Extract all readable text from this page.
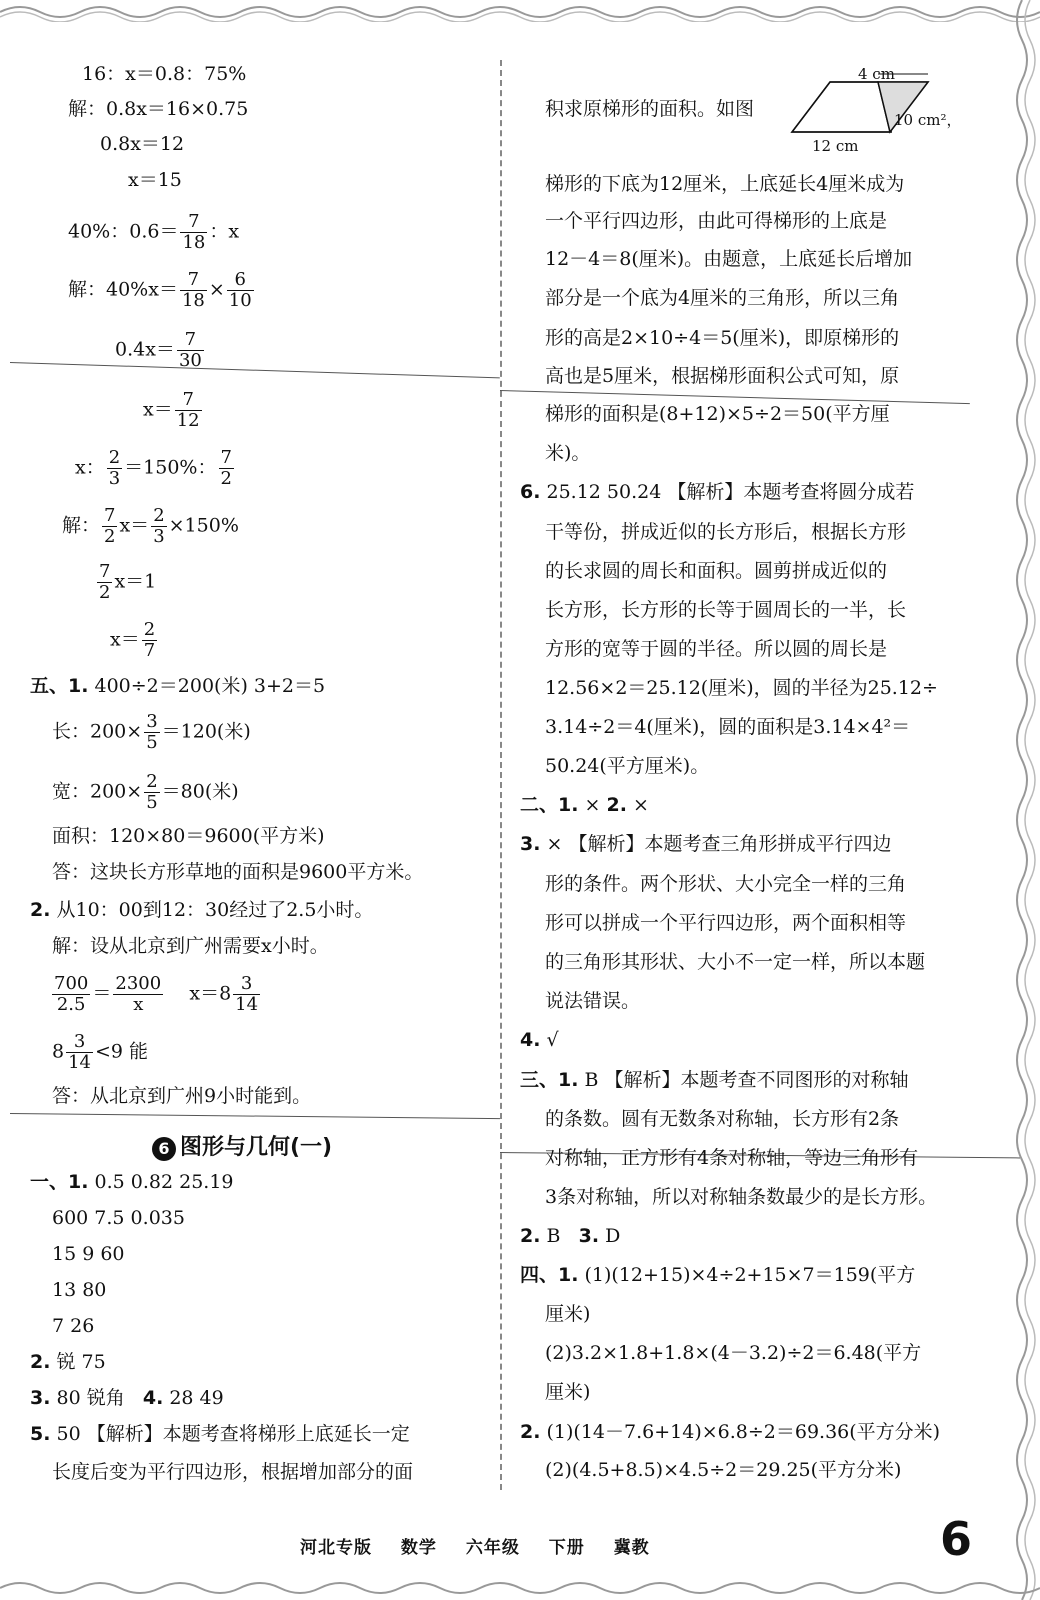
16：x＝0.8：75%
解：0.8x＝16×0.75
0.8x＝12
x＝15
40%：$0.6= \frac{7}{18}$ ：x
解：$40\%x= \frac{7}{18} \times \frac{6}{10}$
$0.4x= \frac{7}{30}$
$x= \frac{7}{12}$
x： $\frac{2}{3} =150\%$： $\frac{7}{2}$
解： $\frac{7}{2} x= \frac{2}{3} \times 150\%$
$\frac{7}{2} x=1$
$x= \frac{2}{7}$
五、1. 400÷2＝200(米) 3+2＝5
长：$200\times \frac{3}{5} =120$(米)
宽：$200\times \frac{2}{5} =80$(米)
面积：120×80＝9600(平方米)
答：这块长方形草地的面积是9600平方米。
2. 从10：00到12：30经过了2.5小时。
解：设从北京到广州需要x小时。
$\frac{700}{2.5} = \frac{2300}{x} x=8 \frac{3}{14}$
$8 \frac{3}{14} <9$ 能
答：从北京到广州9小时能到。
6 图形与几何(一)
一、1. 0.5 0.82 25.19
600 7.5 0.035
15 9 60
13 80
7 26
2. 锐 75
3. 80 锐角 4. 28 49
5. 50 【解析】本题考查将梯形上底延长一定
长度后变为平行四边形，根据增加部分的面
积求原梯形的面积。如图
4 cm
10 cm²，
12 cm
梯形的下底为12厘米，上底延长4厘米成为
一个平行四边形，由此可得梯形的上底是
12－4＝8(厘米)。由题意，上底延长后增加
部分是一个底为4厘米的三角形，所以三角
形的高是2×10÷4＝5(厘米)，即原梯形的
高也是5厘米，根据梯形面积公式可知，原
梯形的面积是(8+12)×5÷2＝50(平方厘
米)。
6. 25.12 50.24 【解析】本题考查将圆分成若
干等份，拼成近似的长方形后，根据长方形
的长求圆的周长和面积。圆剪拼成近似的
长方形，长方形的长等于圆周长的一半，长
方形的宽等于圆的半径。所以圆的周长是
12.56×2＝25.12(厘米)，圆的半径为25.12÷
3.14÷2＝4(厘米)，圆的面积是3.14×4²＝
50.24(平方厘米)。
二、1. × 2. ×
3. × 【解析】本题考查三角形拼成平行四边
形的条件。两个形状、大小完全一样的三角
形可以拼成一个平行四边形，两个面积相等
的三角形其形状、大小不一定一样，所以本题
说法错误。
4. √
三、1. B 【解析】本题考查不同图形的对称轴
的条数。圆有无数条对称轴，长方形有2条
对称轴，正方形有4条对称轴，等边三角形有
3条对称轴，所以对称轴条数最少的是长方形。
2. B   3. D
四、1. (1)(12+15)×4÷2+15×7＝159(平方
厘米)
(2)3.2×1.8+1.8×(4－3.2)÷2＝6.48(平方
厘米)
2. (1)(14－7.6+14)×6.8÷2＝69.36(平方分米)
(2)(4.5+8.5)×4.5÷2＝29.25(平方分米)
河北专版 数学 六年级 下册 冀教	6
